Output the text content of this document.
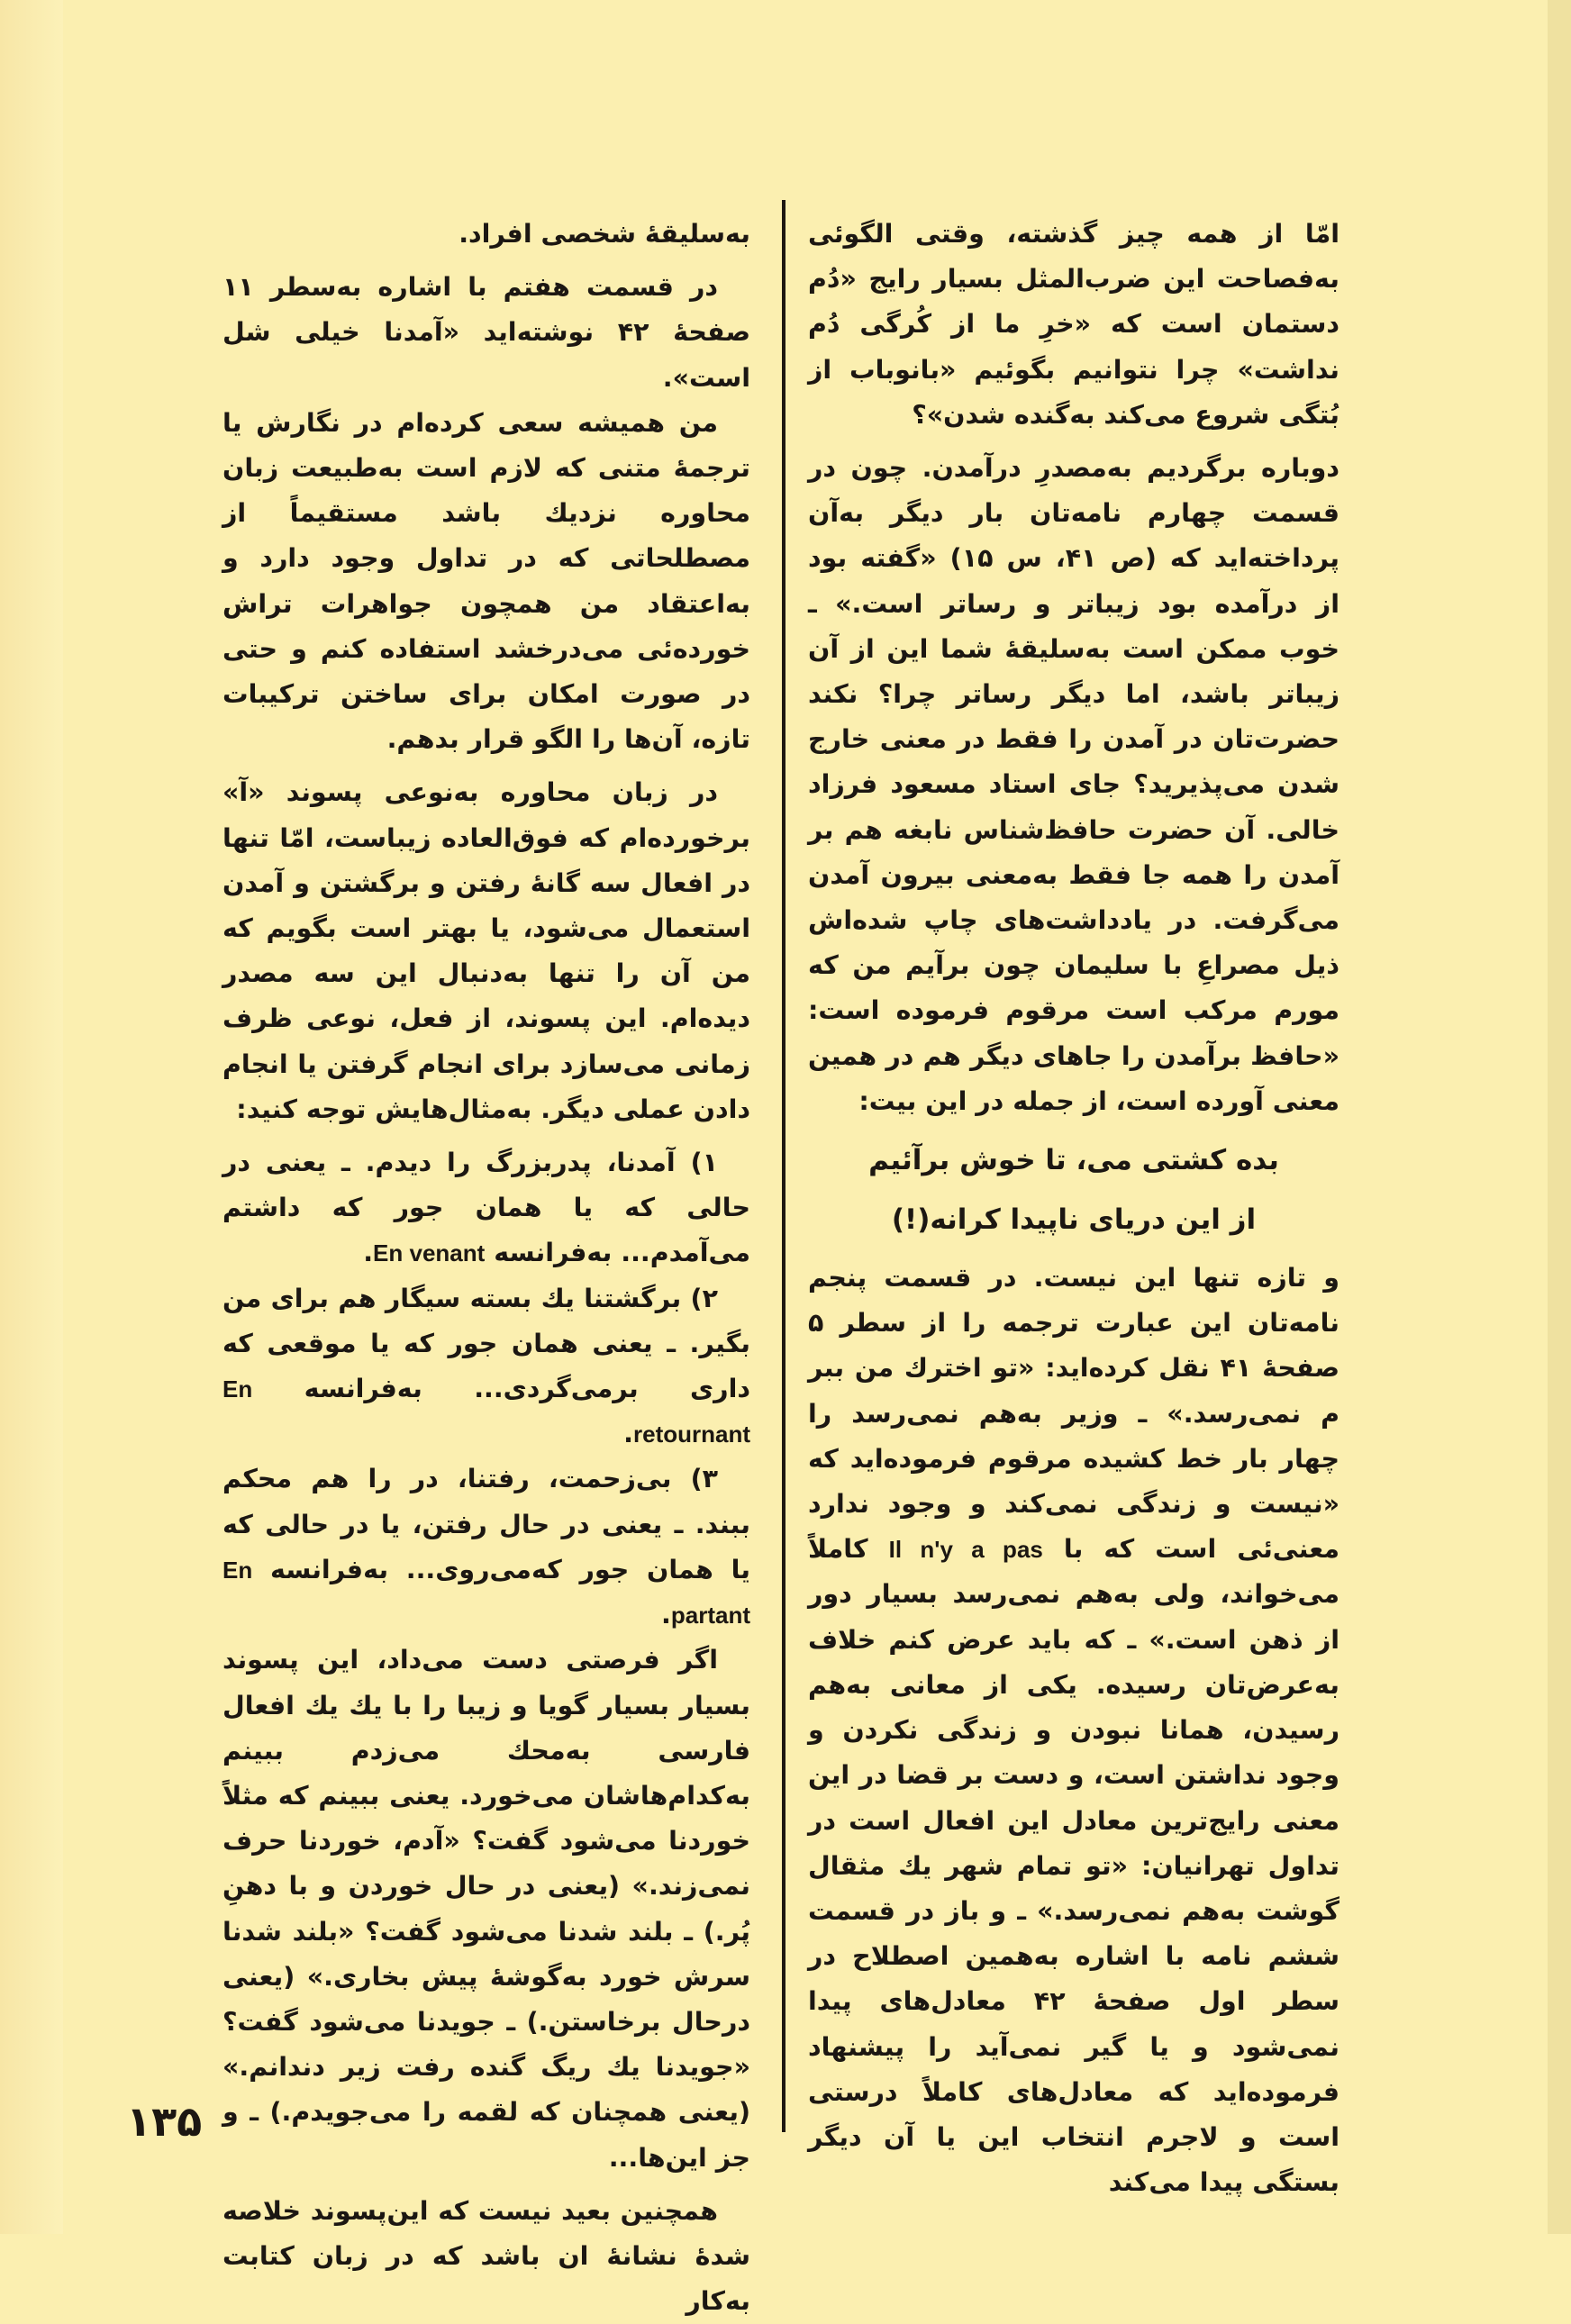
امّا از همه چیز گذشته، وقتی الگوئی به‌فصاحت این ضرب‌المثل بسیار رایج «دُم دستمان است که «خرِ ما از کُرگی دُم نداشت» چرا نتوانیم بگوئیم «بانوباب از بُتگی شروع می‌کند به‌گنده شدن»؟

دوباره برگردیم به‌مصدرِ درآمدن. چون در قسمت چهارم نامه‌تان بار دیگر به‌آن پرداخته‌اید که (ص ۴۱، س ۱۵) «گفته بود از درآمده بود زیباتر و رساتر است.» ـ خوب ممکن است به‌سلیقهٔ شما این از آن زیباتر باشد، اما دیگر رساتر چرا؟ نکند حضرت‌تان در آمدن را فقط در معنی خارج شدن می‌پذیرید؟ جای استاد مسعود فرزاد خالی. آن حضرت حافظ‌شناس نابغه هم بر آمدن را همه جا فقط به‌معنی بیرون آمدن می‌گرفت. در یادداشت‌های چاپ شده‌اش ذیل مصراعِ با سلیمان چون برآیم من که مورم مرکب است مرقوم فرموده است: «حافظ برآمدن را جاهای دیگر هم در همین معنی آورده است، از جمله در این بیت:

بده کشتی می، تا خوش برآئیم

از این دریای ناپیدا کرانه(!)

و تازه تنها این نیست. در قسمت پنجم نامه‌تان این عبارت ترجمه را از سطر ۵ صفحهٔ ۴۱ نقل کرده‌اید: «تو اخترك من ببر م نمی‌رسد.» ـ وزیر به‌هم نمی‌رسد را چهار بار خط کشیده مرقوم فرموده‌اید که «نیست و زندگی نمی‌کند و وجود ندارد معنی‌ئی است که با Il n'y a pas کاملاً می‌خواند، ولی به‌هم نمی‌رسد بسیار دور از ذهن است.» ـ که باید عرض کنم خلاف به‌عرض‌تان رسیده. یکی از معانی به‌هم رسیدن، همانا نبودن و زندگی نکردن و وجود نداشتن است، و دست بر قضا در این معنی رایج‌ترین معادل این افعال است در تداول تهرانیان: «تو تمام شهر یك مثقال گوشت به‌هم نمی‌رسد.» ـ و باز در قسمت ششم نامه با اشاره به‌همین اصطلاح در سطر اول صفحهٔ ۴۲ معادل‌های پیدا نمی‌شود و یا گیر نمی‌آید را پیشنهاد فرموده‌اید که معادل‌های کاملاً درستی است و لاجرم انتخاب این یا آن دیگر بستگی پیدا می‌کند

به‌سلیقهٔ شخصی افراد.

در قسمت هفتم با اشاره به‌سطر ۱۱ صفحهٔ ۴۲ نوشته‌اید «آمدنا خیلی شل است».

من همیشه سعی کرده‌ام در نگارش یا ترجمهٔ متنی که لازم است به‌طبیعت زبان محاوره نزدیك باشد مستقیماً از مصطلحاتی که در تداول وجود دارد و به‌اعتقاد من همچون جواهرات تراش خورده‌ئی می‌درخشد استفاده کنم و حتی در صورت امکان برای ساختن ترکیبات تازه، آن‌ها را الگو قرار بدهم.

در زبان محاوره به‌نوعی پسوند «آ» برخورده‌ام که فوق‌العاده زیباست، امّا تنها در افعال سه گانهٔ رفتن و برگشتن و آمدن استعمال می‌شود، یا بهتر است بگویم که من آن را تنها به‌دنبال این سه مصدر دیده‌ام. این پسوند، از فعل، نوعی ظرف زمانی می‌سازد برای انجام گرفتن یا انجام دادن عملی دیگر. به‌مثال‌هایش توجه کنید:

۱) آمدنا، پدربزرگ را دیدم. ـ یعنی در حالی که یا همان جور که داشتم می‌آمدم... به‌فرانسه En venant.

۲) برگشتنا یك بسته سیگار هم برای من بگیر. ـ یعنی همان جور که یا موقعی که داری برمی‌گردی... به‌فرانسه En retournant.

۳) بی‌زحمت، رفتنا، در را هم محکم ببند. ـ یعنی در حال رفتن، یا در حالی که یا همان جور که‌می‌روی... به‌فرانسه En partant.

اگر فرصتی دست می‌داد، این پسوند بسیار بسیار گویا و زیبا را با یك یك افعال فارسی به‌محك می‌زدم ببینم به‌کدام‌هاشان می‌خورد. یعنی ببینم که مثلاً خوردنا می‌شود گفت؟ «آدم، خوردنا حرف نمی‌زند.» (یعنی در حال خوردن و با دهنِ پُر.) ـ بلند شدنا می‌شود گفت؟ «بلند شدنا سرش خورد به‌گوشهٔ پیش بخاری.» (یعنی درحال برخاستن.) ـ جویدنا می‌شود گفت؟ «جویدنا یك ریگ گنده رفت زیر دندانم.» (یعنی همچنان که لقمه را می‌جویدم.) ـ و جز این‌ها...

همچنین بعید نیست که این‌پسوند خلاصه شدهٔ نشانهٔ ان باشد که در زبان کتابت به‌کار

۱۳۵
